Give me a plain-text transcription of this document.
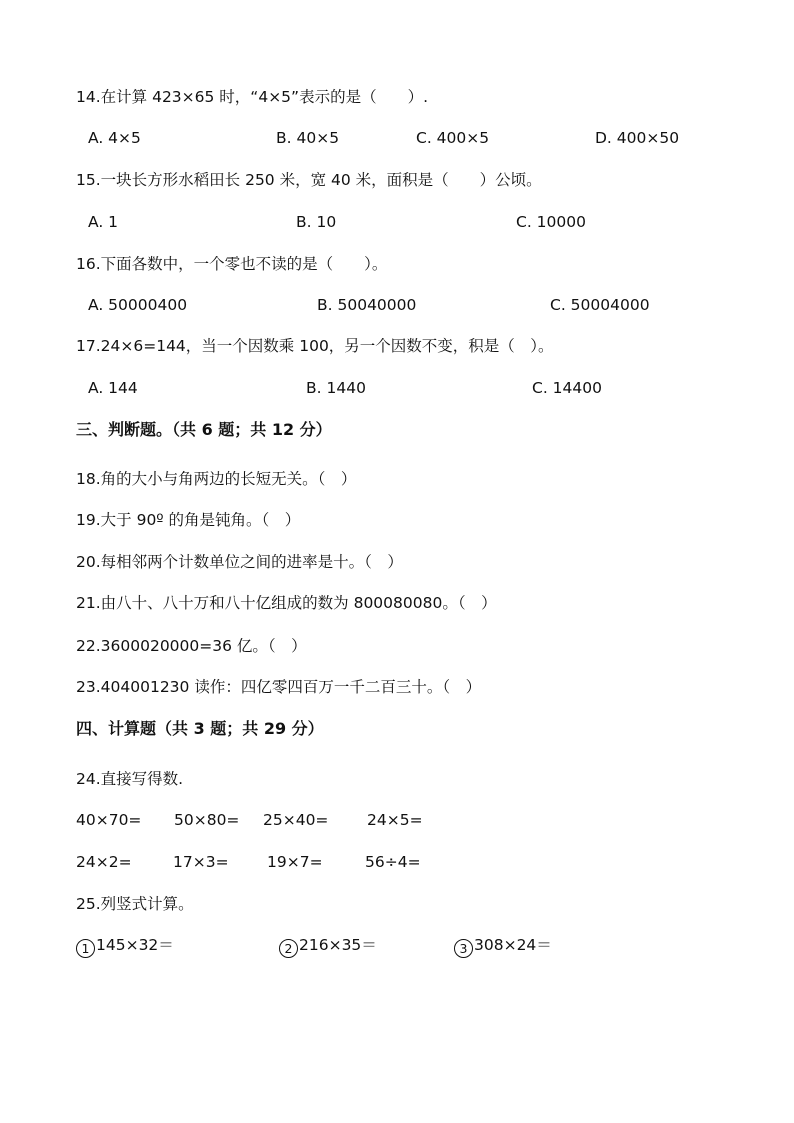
14.在计算 423×65 时，“4×5”表示的是（　　）.
A. 4×5	B. 40×5	C. 400×5	D. 400×50
15.一块长方形水稻田长 250 米，宽 40 米，面积是（　　）公顷。
A. 1	B. 10	C. 10000
16.下面各数中，一个零也不读的是（　　）。
A. 50000400	B. 50040000	C. 50004000
17.24×6=144，当一个因数乘 100，另一个因数不变，积是（　）。
A. 144	B. 1440	C. 14400
三、判断题。（共 6 题；共 12 分）
18.角的大小与角两边的长短无关。（　）
19.大于 90º 的角是钝角。（　）
20.每相邻两个计数单位之间的进率是十。（　）
21.由八十、八十万和八十亿组成的数为 800080080。（　）
22.3600020000=36 亿。（　）
23.404001230 读作：四亿零四百万一千二百三十。（　）
四、计算题（共 3 题；共 29 分）
24.直接写得数.
40×70= 50×80= 25×40= 24×5=
24×2=	17×3= 19×7=	56÷4=
25.列竖式计算。
1 145×32＝	2 216×35＝	3 308×24＝
